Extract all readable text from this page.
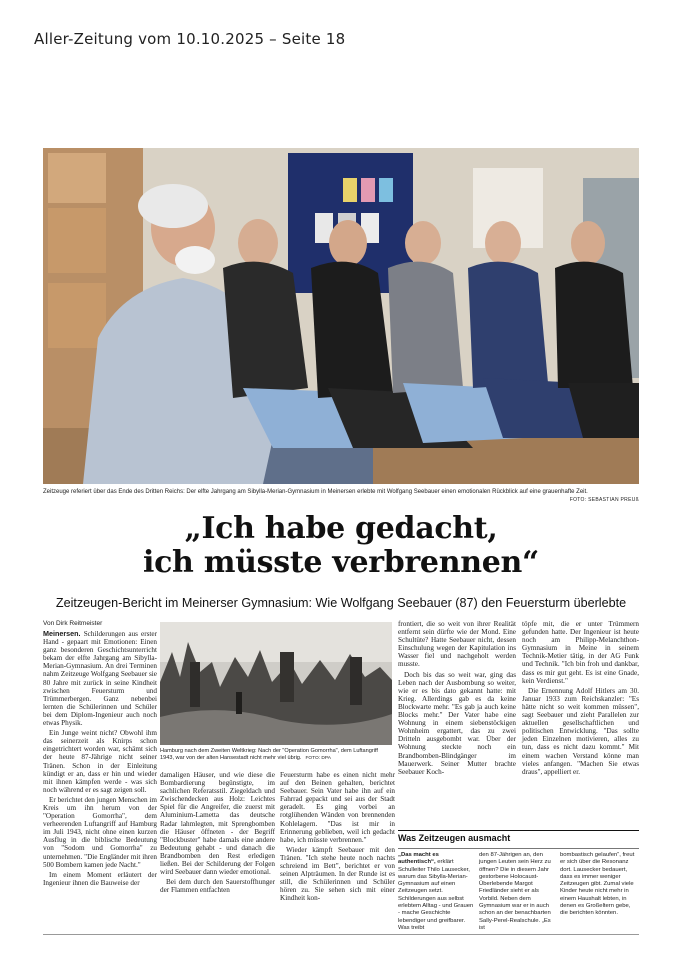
Aller-Zeitung vom 10.10.2025 – Seite 18
Zeitzeuge referiert über das Ende des Dritten Reichs: Der elfte Jahrgang am Sibylla-Merian-Gymnasium in Meinersen erlebte mit Wolfgang Seebauer einen emotionalen Rückblick auf eine grauenhafte Zeit.
FOTO: SEBASTIAN PREUß
„Ich habe gedacht,
ich müsste verbrennen“
Zeitzeugen-Bericht im Meinerser Gymnasium: Wie Wolfgang Seebauer (87) den Feuersturm überlebte
Von Dirk Reitmeister

Meinersen. Schilderungen aus erster Hand - gepaart mit Emotionen: Einen ganz besonderen Geschichtsunterricht bekam der elfte Jahrgang am Sibylla-Merian-Gymnasium. An drei Terminen nahm Zeitzeuge Wolfgang Seebauer sie 80 Jahre mit zurück in seine Kindheit zwischen Feuersturm und Trümmerbergen. Ganz nebenbei lernten die Schülerinnen und Schüler bei dem Diplom-Ingenieur auch noch etwas Physik.

Ein Junge weint nicht? Obwohl ihm das seinerzeit als Knirps schon eingetrichtert worden war, schämt sich der heute 87-Jährige nicht seiner Tränen. Schon in der Einleitung kündigt er an, dass er hin und wieder mit ihnen kämpfen werde - was sich noch während er es sagt zeigen soll.

Er berichtet den jungen Menschen im Kreis um ihn herum von der "Operation Gomorrha", dem verheerenden Luftangriff auf Hamburg im Juli 1943, nicht ohne einen kurzen Ausflug in die biblische Bedeutung von "Sodom und Gomorrha" zu unternehmen. "Die Engländer mit ihren 500 Bombern kamen jede Nacht."

Im einem Moment erläutert der Ingenieur ihnen die Bauweise der

Hamburg nach dem Zweiten Weltkrieg: Nach der "Operation Gomorrha", dem Luftangriff 1943, war von der alten Hansestadt nicht mehr viel übrig. FOTO: DPA

damaligen Häuser, und wie diese die Bombardierung begünstigte, im sachlichen Referatsstil. Ziegeldach und Zwischendecken aus Holz: Leichtes Spiel für die Angreifer, die zuerst mit Aluminium-Lametta das deutsche Radar lahmlegten, mit Sprengbomben die Häuser öffneten - der Begriff "Blockbuster" habe damals eine andere Bedeutung gehabt - und danach die Brandbomben den Rest erledigen ließen. Bei der Schilderung der Folgen wird Seebauer dann wieder emotional.

Bei dem durch den Sauerstoffhunger der Flammen entfachten

Feuersturm habe es einen nicht mehr auf den Beinen gehalten, berichtet Seebauer. Sein Vater habe ihn auf ein Fahrrad gepackt und sei aus der Stadt geradelt. Es ging vorbei an rotglühenden Wänden von brennenden Kohlelagern. "Das ist mir in Erinnerung geblieben, weil ich gedacht habe, ich müsste verbrennen."

Wieder kämpft Seebauer mit den Tränen. "Ich stehe heute noch nachts schreiend im Bett", berichtet er von seinen Alpträumen. In der Runde ist es still, die Schülerinnen und Schüler hören zu. Sie sehen sich mit einer Kindheit kon-

frontiert, die so weit von ihrer Realität entfernt sein dürfte wie der Mond. Eine Schultüte? Hatte Seebauer nicht, dessen Einschulung wegen der Kapitulation ins Wasser fiel und nachgeholt werden musste.

Doch bis das so weit war, ging das Leben nach der Ausbombung so weiter, wie er es bis dato gekannt hatte: mit Krieg. Allerdings gab es da keine Blockwarte mehr. "Es gab ja auch keine Blocks mehr." Der Vater habe eine Wohnung in einem siebenstöckigen Wohnheim ergattert, das zu zwei Dritteln ausgebombt war. Über der Wohnung steckte noch ein Brandbomben-Blindgänger im Mauerwerk. Seiner Mutter brachte Seebauer Koch-

töpfe mit, die er unter Trümmern gefunden hatte. Der Ingenieur ist heute noch am Philipp-Melanchthon-Gymnasium in Meine in seinem Technik-Metier tätig, in der AG Funk und Technik. "Ich bin froh und dankbar, dass es mir gut geht. Es ist eine Gnade, kein Verdienst."

Die Ernennung Adolf Hitlers am 30. Januar 1933 zum Reichskanzler: "Es hätte nicht so weit kommen müssen", sagt Seebauer und zieht Parallelen zur aktuellen gesellschaftlichen und politischen Entwicklung. "Das sollte jeden Einzelnen motivieren, alles zu tun, dass es nicht dazu kommt." Mit einem wachen Verstand könne man vieles anfangen. "Machen Sie etwas draus", appelliert er.

Was Zeitzeugen ausmacht
„Das macht es authentisch“, erklärt Schulleiter Thilo Lausecker, warum das Sibylla-Merian-Gymnasium auf einen Zeitzeugen setzt. Schilderungen aus selbst erlebtem Alltag - und Grauen - mache Geschichte lebendiger und greifbarer. Was treibt
den 87-Jährigen an, den jungen Leuten sein Herz zu öffnen? Die in diesem Jahr gestorbene Holocaust-Überlebende Margot Friedländer sieht er als Vorbild. Neben dem Gymnasium war er in auch schon an der benachbarten Sally-Perel-Realschule. „Es ist
bombastisch gelaufen“, freut er sich über die Resonanz dort. Lausecker bedauert, dass es immer weniger Zeitzeugen gibt. Zumal viele Kinder heute nicht mehr in einem Haushalt lebten, in denen es Großeltern gebe, die berichten könnten.
